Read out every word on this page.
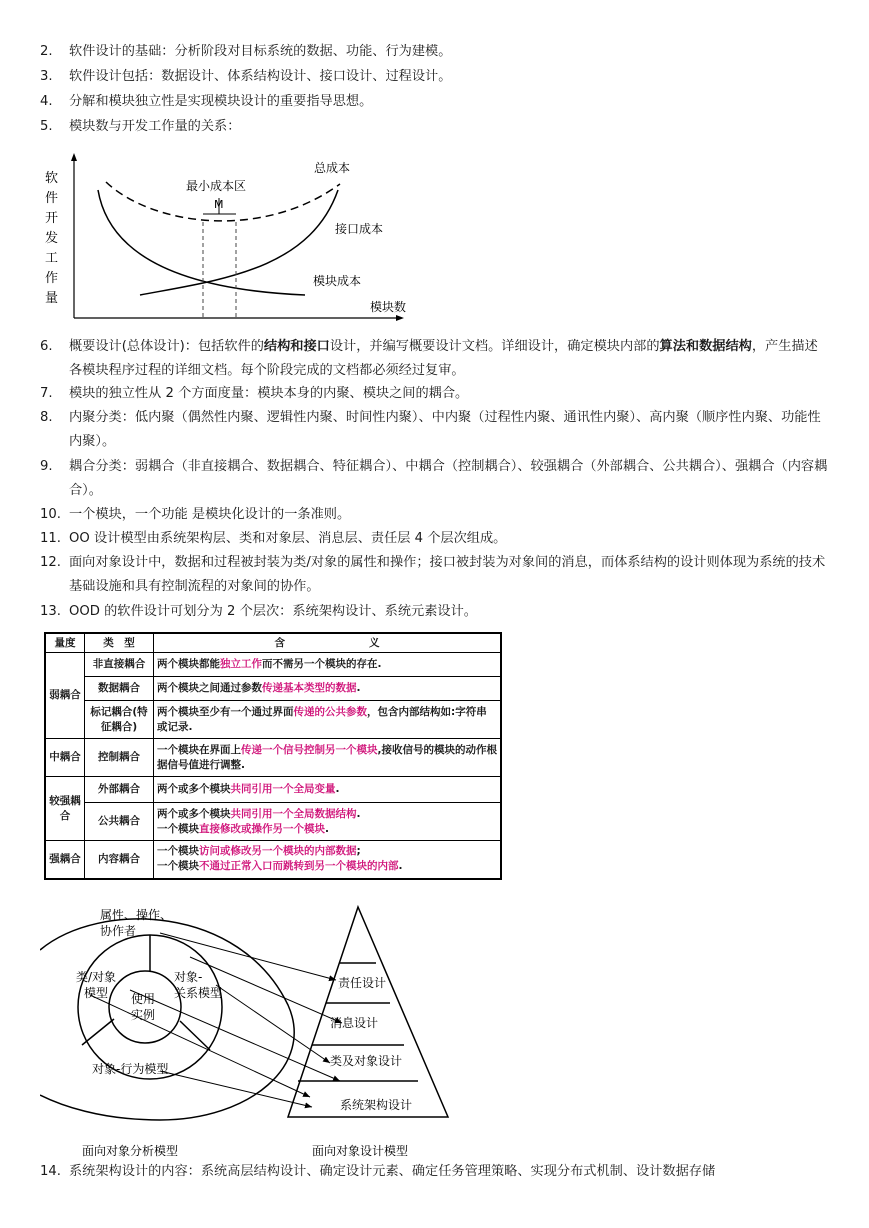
2.	软件设计的基础：分析阶段对目标系统的数据、功能、行为建模。
3.	软件设计包括：数据设计、体系结构设计、接口设计、过程设计。
4.	分解和模块独立性是实现模块设计的重要指导思想。
5.	模块数与开发工作量的关系：
软
件
开
发
工
作
量
最小成本区
M
总成本
接口成本
模块成本
模块数
6.	概要设计(总体设计)：包括软件的结构和接口设计，并编写概要设计文档。详细设计，确定模块内部的算法和数据结构，产生描述各模块程序过程的详细文档。每个阶段完成的文档都必须经过复审。
7.	模块的独立性从 2 个方面度量：模块本身的内聚、模块之间的耦合。
8.	内聚分类：低内聚（偶然性内聚、逻辑性内聚、时间性内聚）、中内聚（过程性内聚、通讯性内聚）、高内聚（顺序性内聚、功能性内聚）。
9.	耦合分类：弱耦合（非直接耦合、数据耦合、特征耦合）、中耦合（控制耦合）、较强耦合（外部耦合、公共耦合）、强耦合（内容耦合）。
10. 一个模块，一个功能 是模块化设计的一条准则。
11. OO 设计模型由系统架构层、类和对象层、消息层、责任层 4 个层次组成。
12. 面向对象设计中，数据和过程被封装为类/对象的属性和操作；接口被封装为对象间的消息，而体系结构的设计则体现为系统的技术基础设施和具有控制流程的对象间的协作。
13. OOD 的软件设计可划分为 2 个层次：系统架构设计、系统元素设计。
量度	类　型	含　　　　　　　　义
弱耦合	非直接耦合	两个模块都能独立工作而不需另一个模块的存在.
	数据耦合	两个模块之间通过参数传递基本类型的数据.
	标记耦合(特征耦合)	两个模块至少有一个通过界面传递的公共参数，包含内部结构如:字符串或记录.
中耦合	控制耦合	一个模块在界面上传递一个信号控制另一个模块,接收信号的模块的动作根据信号值进行调整.
较强耦合	外部耦合	两个或多个模块共同引用一个全局变量.
	公共耦合	两个或多个模块共同引用一个全局数据结构.
一个模块直接修改或操作另一个模块.
强耦合	内容耦合	一个模块访问或修改另一个模块的内部数据;
一个模块不通过正常入口而跳转到另一个模块的内部.
属性、操作、
协作者
类/对象
模型
对象-
关系模型
使用
实例
对象-行为模型
责任设计
消息设计
类及对象设计
系统架构设计
面向对象分析模型	面向对象设计模型
14. 系统架构设计的内容：系统高层结构设计、确定设计元素、确定任务管理策略、实现分布式机制、设计数据存储
